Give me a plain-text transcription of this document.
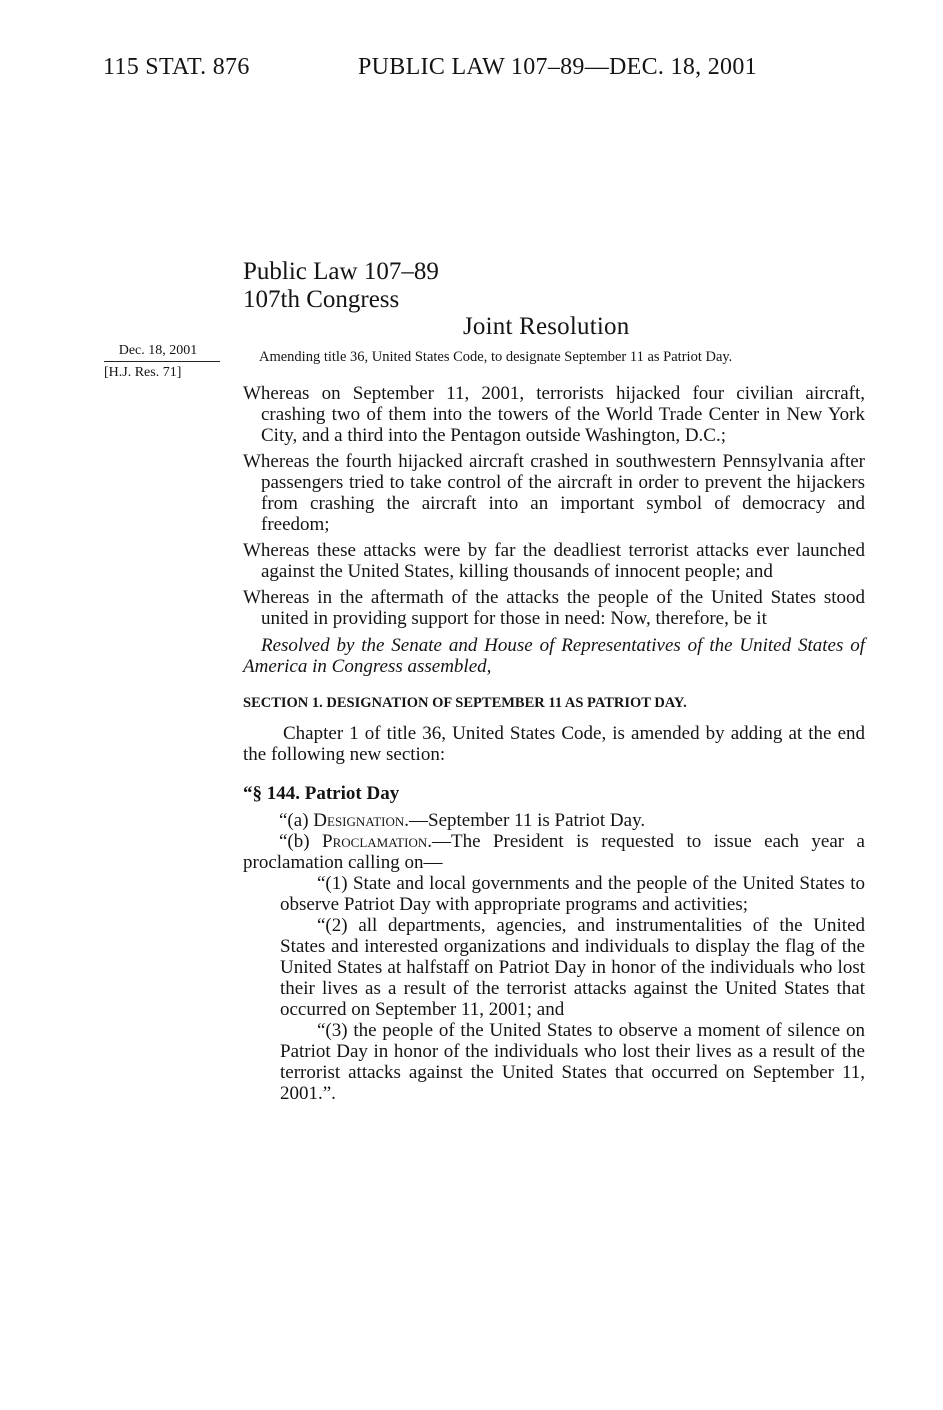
115 STAT. 876	PUBLIC LAW 107–89—DEC. 18, 2001
Public Law 107–89
107th Congress
Joint Resolution
Dec. 18, 2001
[H.J. Res. 71]
Amending title 36, United States Code, to designate September 11 as Patriot Day.

Whereas on September 11, 2001, terrorists hijacked four civilian aircraft, crashing two of them into the towers of the World Trade Center in New York City, and a third into the Pentagon outside Washington, D.C.;

Whereas the fourth hijacked aircraft crashed in southwestern Pennsylvania after passengers tried to take control of the aircraft in order to prevent the hijackers from crashing the aircraft into an important symbol of democracy and freedom;

Whereas these attacks were by far the deadliest terrorist attacks ever launched against the United States, killing thousands of innocent people; and

Whereas in the aftermath of the attacks the people of the United States stood united in providing support for those in need: Now, therefore, be it

Resolved by the Senate and House of Representatives of the United States of America in Congress assembled,

SECTION 1. DESIGNATION OF SEPTEMBER 11 AS PATRIOT DAY.

Chapter 1 of title 36, United States Code, is amended by adding at the end the following new section:

“§ 144. Patriot Day

“(a) Designation.—September 11 is Patriot Day.

“(b) Proclamation.—The President is requested to issue each year a proclamation calling on—

“(1) State and local governments and the people of the United States to observe Patriot Day with appropriate programs and activities;

“(2) all departments, agencies, and instrumentalities of the United States and interested organizations and individuals to display the flag of the United States at halfstaff on Patriot Day in honor of the individuals who lost their lives as a result of the terrorist attacks against the United States that occurred on September 11, 2001; and

“(3) the people of the United States to observe a moment of silence on Patriot Day in honor of the individuals who lost their lives as a result of the terrorist attacks against the United States that occurred on September 11, 2001.”.
